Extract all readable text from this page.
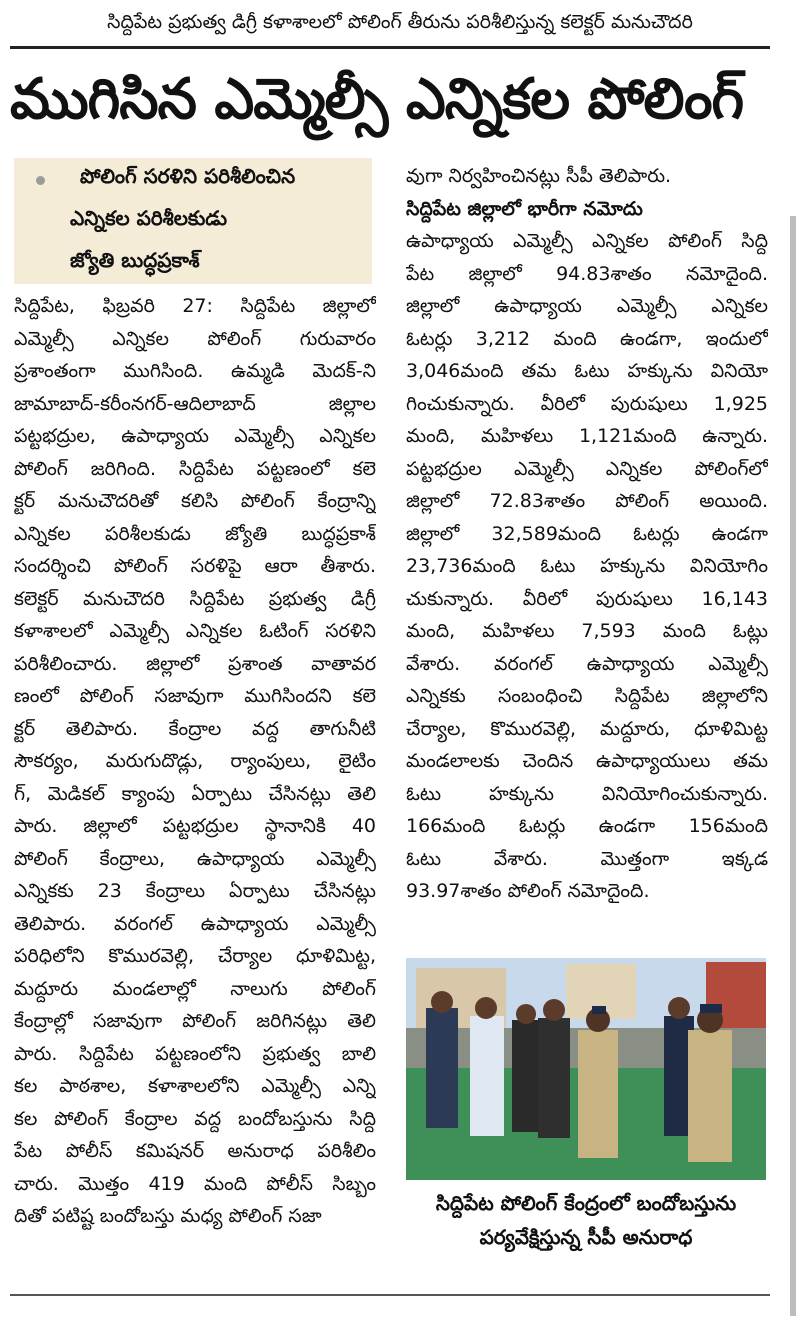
సిద్దిపేట ప్రభుత్వ డిగ్రీ కళాశాలలో పోలింగ్ తీరును పరిశీలిస్తున్న కలెక్టర్ మనుచౌదరి
ముగిసిన ఎమ్మెల్సీ ఎన్నికల పోలింగ్
పోలింగ్ సరళిని పరిశీలించిన
ఎన్నికల పరిశీలకుడు
జ్యోతి బుద్ధప్రకాశ్
సిద్దిపేట, ఫిబ్రవరి 27: సిద్దిపేట జిల్లాలో
ఎమ్మెల్సీ ఎన్నికల పోలింగ్ గురువారం
ప్రశాంతంగా ముగిసింది. ఉమ్మడి మెదక్-ని
జామాబాద్-కరీంనగర్-ఆదిలాబాద్ జిల్లాల
పట్టభద్రుల, ఉపాధ్యాయ ఎమ్మెల్సీ ఎన్నికల
పోలింగ్ జరిగింది. సిద్దిపేట పట్టణంలో కలె
క్టర్ మనుచౌదరితో కలిసి పోలింగ్ కేంద్రాన్ని
ఎన్నికల పరిశీలకుడు జ్యోతి బుద్ధప్రకాశ్
సందర్శించి పోలింగ్ సరళిపై ఆరా తీశారు.
కలెక్టర్ మనుచౌదరి సిద్దిపేట ప్రభుత్వ డిగ్రీ
కళాశాలలో ఎమ్మెల్సీ ఎన్నికల ఓటింగ్ సరళిని
పరిశీలించారు. జిల్లాలో ప్రశాంత వాతావర
ణంలో పోలింగ్ సజావుగా ముగిసిందని కలె
క్టర్ తెలిపారు. కేంద్రాల వద్ద తాగునీటి
సౌకర్యం, మరుగుదొడ్లు, ర్యాంపులు, లైటిం
గ్, మెడికల్ క్యాంపు ఏర్పాటు చేసినట్లు తెలి
పారు. జిల్లాలో పట్టభద్రుల స్థానానికి 40
పోలింగ్ కేంద్రాలు, ఉపాధ్యాయ ఎమ్మెల్సీ
ఎన్నికకు 23 కేంద్రాలు ఏర్పాటు చేసినట్లు
తెలిపారు. వరంగల్ ఉపాధ్యాయ ఎమ్మెల్సీ
పరిధిలోని కొమురవెల్లి, చేర్యాల ధూళిమిట్ట,
మద్దూరు మండలాల్లో నాలుగు పోలింగ్
కేంద్రాల్లో సజావుగా పోలింగ్ జరిగినట్లు తెలి
పారు. సిద్దిపేట పట్టణంలోని ప్రభుత్వ బాలి
కల పాఠశాల, కళాశాలలోని ఎమ్మెల్సీ ఎన్ని
కల పోలింగ్ కేంద్రాల వద్ద బందోబస్తును సిద్ది
పేట పోలీస్ కమిషనర్ అనురాధ పరిశీలిం
చారు. మొత్తం 419 మంది పోలీస్ సిబ్బం
దితో పటిష్ట బందోబస్తు మధ్య పోలింగ్ సజా
వుగా నిర్వహించినట్లు సీపీ తెలిపారు.
సిద్దిపేట జిల్లాలో భారీగా నమోదు
ఉపాధ్యాయ ఎమ్మెల్సీ ఎన్నికల పోలింగ్ సిద్ది
పేట జిల్లాలో 94.83శాతం నమోదైంది.
జిల్లాలో ఉపాధ్యాయ ఎమ్మెల్సీ ఎన్నికల
ఓటర్లు 3,212 మంది ఉండగా, ఇందులో
3,046మంది తమ ఓటు హక్కును వినియో
గించుకున్నారు. వీరిలో పురుషులు 1,925
మంది, మహిళలు 1,121మంది ఉన్నారు.
పట్టభద్రుల ఎమ్మెల్సీ ఎన్నికల పోలింగ్‌లో
జిల్లాలో 72.83శాతం పోలింగ్ అయింది.
జిల్లాలో 32,589మంది ఓటర్లు ఉండగా
23,736మంది ఓటు హక్కును వినియోగిం
చుకున్నారు. వీరిలో పురుషులు 16,143
మంది, మహిళలు 7,593 మంది ఓట్లు
వేశారు. వరంగల్ ఉపాధ్యాయ ఎమ్మెల్సీ
ఎన్నికకు సంబంధించి సిద్దిపేట జిల్లాలోని
చేర్యాల, కొమురవెల్లి, మద్దూరు, ధూళిమిట్ట
మండలాలకు చెందిన ఉపాధ్యాయులు తమ
ఓటు హక్కును వినియోగించుకున్నారు.
166మంది ఓటర్లు ఉండగా 156మంది
ఓటు వేశారు. మొత్తంగా ఇక్కడ
93.97శాతం పోలింగ్ నమోదైంది.
సిద్దిపేట పోలింగ్ కేంద్రంలో బందోబస్తును
పర్యవేక్షిస్తున్న సీపీ అనురాధ
